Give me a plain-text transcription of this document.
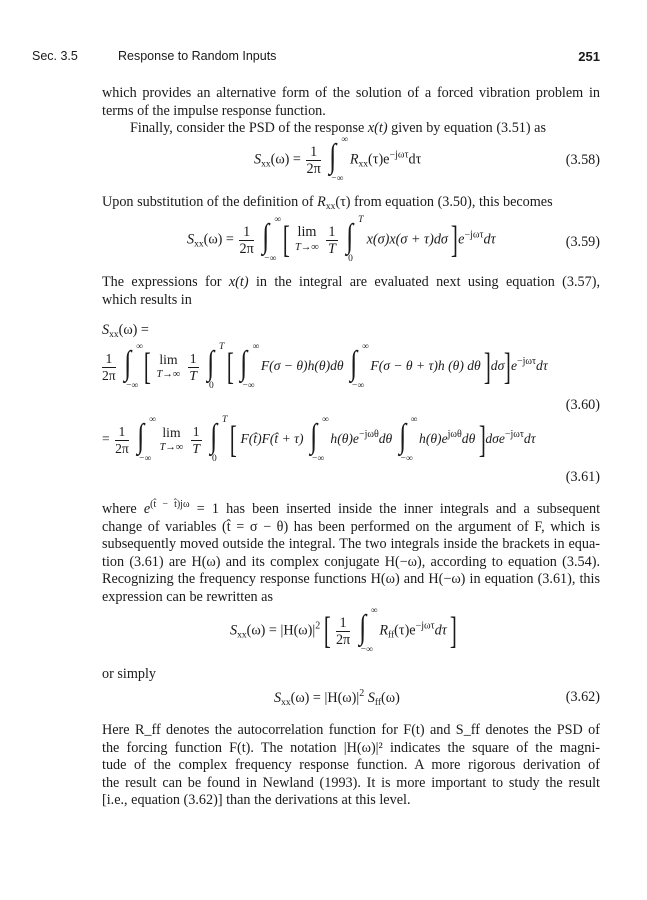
Sec. 3.5	Response to Random Inputs	251
which provides an alternative form of the solution of a forced vibration problem in
terms of the impulse response function.
Finally, consider the PSD of the response x(t) given by equation (3.51) as
$S_{xx}(\omega) = \frac{1}{2\pi}$
∫ ∞
−∞
$R_{xx}(\tau)e^{-j\omega\tau}d\tau$	(3.58)
Upon substitution of the definition of $R_{xx}(\tau)$ from equation (3.50), this becomes
$S_{xx}(\omega) = \frac{1}{2\pi}$
∫ ∞
−∞ [ lim
T→∞
$\frac{1}{T}$
∫ T
0
x(σ)x(σ + τ)dσ ]$e^{-j\omega\tau}d\tau$	(3.59)
The expressions for x(t) in the integral are evaluated next using equation (3.57),
which results in
$S_{xx}(\omega)$ =
$\frac{1}{2\pi}$
∫ ∞
−∞ [ lim
T→∞
$\frac{1}{T}$
∫ T
0 [ ∫ ∞
−∞
F(σ − θ)h(θ)dθ ∫ ∞
−∞
F(σ − θ + τ)h (θ) dθ ]$d\sigma]e^{-j\omega\tau}d\tau$
(3.60)
= $\frac{1}{2\pi}$
∫ ∞
−∞
lim
T→∞
$\frac{1}{T}$
∫ T
0 [ F(t̂)F(t̂ + τ) ∫ ∞
−∞
$h(\theta)e^{-j\omega\theta}d\theta$ ∫ ∞
−∞
$h(\theta)e^{j\omega\theta}d\theta$ ]dσe$^{-j\omega\tau}$dτ
(3.61)
where $e^{(t̂ - t̂)j\omega} = 1$ has been inserted inside the inner integrals and a subsequent
change of variables (t̂ = σ − θ) has been performed on the argument of F, which is
subsequently moved outside the integral. The two integrals inside the brackets in equa-
tion (3.61) are H(ω) and its complex conjugate H(−ω), according to equation (3.54).
Recognizing the frequency response functions H(ω) and H(−ω) in equation (3.61), this
expression can be rewritten as
$S_{xx}(\omega) = |H(\omega)|^2$ [ $\frac{1}{2\pi}$
∫ ∞
−∞
$R_{ff}(\tau)e^{-j\omega\tau}d\tau$ ]
or simply
$S_{xx}(\omega) = |H(\omega)|^2$ $S_{ff}(\omega)$	(3.62)
Here R_ff denotes the autocorrelation function for F(t) and S_ff denotes the PSD of
the forcing function F(t). The notation |H(ω)|² indicates the square of the magni-
tude of the complex frequency response function. A more rigorous derivation of
the result can be found in Newland (1993). It is more important to study the result
[i.e., equation (3.62)] than the derivations at this level.
